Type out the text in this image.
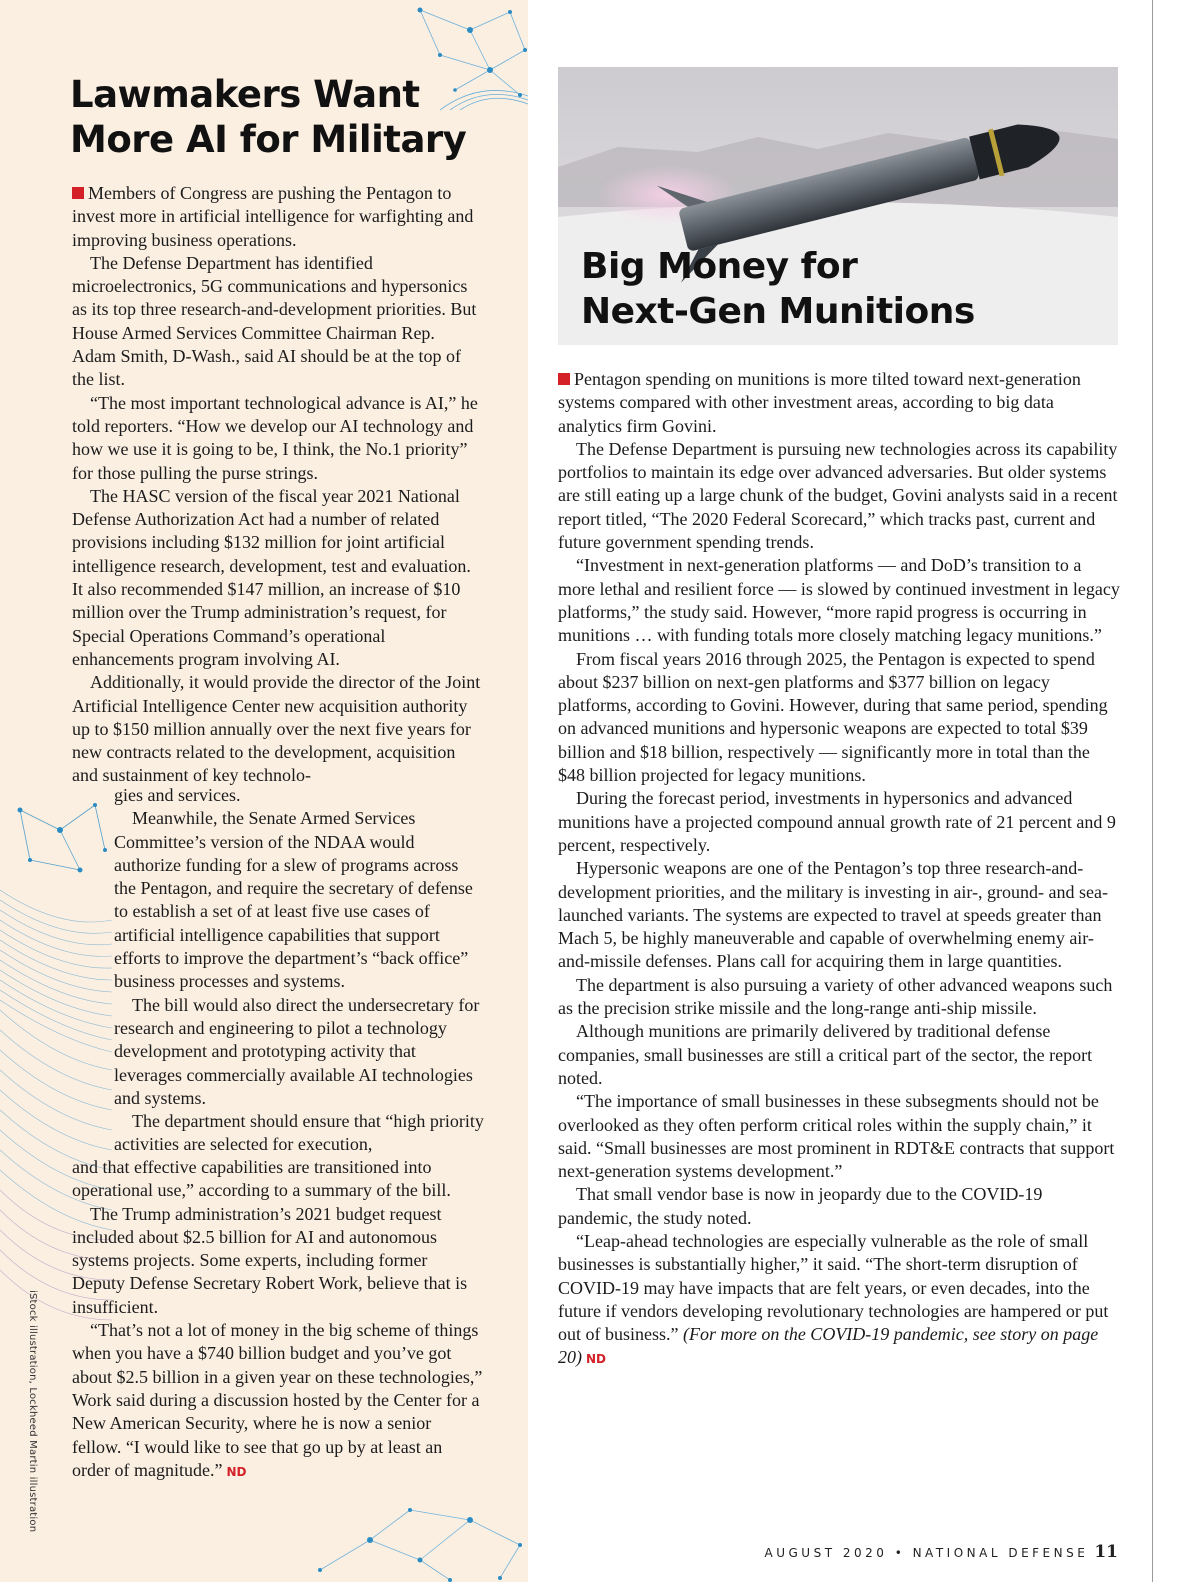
Lawmakers Want
More AI for Military

Members of Congress are pushing the Pentagon to invest more in artificial intelligence for warfighting and improving business operations.

The Defense Department has identified microelectronics, 5G communications and hypersonics as its top three research-and-development priorities. But House Armed Services Committee Chairman Rep. Adam Smith, D-Wash., said AI should be at the top of the list.

“The most important technological advance is AI,” he told reporters. “How we develop our AI technology and how we use it is going to be, I think, the No.1 priority” for those pulling the purse strings.

The HASC version of the fiscal year 2021 National Defense Authorization Act had a number of related provisions including $132 million for joint artificial intelligence research, development, test and evaluation. It also recommended $147 million, an increase of $10 million over the Trump administration’s request, for Special Operations Command’s operational enhancements program involving AI.

Additionally, it would provide the director of the Joint Artificial Intelligence Center new acquisition authority up to $150 million annually over the next five years for new contracts related to the development, acquisition and sustainment of key technolo-

gies and services.

Meanwhile, the Senate Armed Services Committee’s version of the NDAA would authorize funding for a slew of programs across the Pentagon, and require the secretary of defense to establish a set of at least five use cases of artificial intelligence capabilities that support efforts to improve the department’s “back office” business processes and systems.

The bill would also direct the undersecretary for research and engineering to pilot a technology development and prototyping activity that leverages commercially available AI technologies and systems.

The department should ensure that “high priority activities are selected for execution,

and that effective capabilities are transitioned into operational use,” according to a summary of the bill.

The Trump administration’s 2021 budget request included about $2.5 billion for AI and autonomous systems projects. Some experts, including former Deputy Defense Secretary Robert Work, believe that is insufficient.

“That’s not a lot of money in the big scheme of things when you have a $740 billion budget and you’ve got about $2.5 billion in a given year on these technologies,” Work said during a discussion hosted by the Center for a New American Security, where he is now a senior fellow. “I would like to see that go up by at least an order of magnitude.” ND

iStock illustration, Lockheed Martin illustration
Big Money for
Next-Gen Munitions

Pentagon spending on munitions is more tilted toward next-generation systems compared with other investment areas, according to big data analytics firm Govini.

The Defense Department is pursuing new technologies across its capability portfolios to maintain its edge over advanced adversaries. But older systems are still eating up a large chunk of the budget, Govini analysts said in a recent report titled, “The 2020 Federal Scorecard,” which tracks past, current and future government spending trends.

“Investment in next-generation platforms — and DoD’s transition to a more lethal and resilient force — is slowed by continued investment in legacy platforms,” the study said. However, “more rapid progress is occurring in munitions … with funding totals more closely matching legacy munitions.”

From fiscal years 2016 through 2025, the Pentagon is expected to spend about $237 billion on next-gen platforms and $377 billion on legacy platforms, according to Govini. However, during that same period, spending on advanced munitions and hypersonic weapons are expected to total $39 billion and $18 billion, respectively — significantly more in total than the $48 billion projected for legacy munitions.

During the forecast period, investments in hypersonics and advanced munitions have a projected compound annual growth rate of 21 percent and 9 percent, respectively.

Hypersonic weapons are one of the Pentagon’s top three research-and-development priorities, and the military is investing in air-, ground- and sea-launched variants. The systems are expected to travel at speeds greater than Mach 5, be highly maneuverable and capable of overwhelming enemy air-and-missile defenses. Plans call for acquiring them in large quantities.

The department is also pursuing a variety of other advanced weapons such as the precision strike missile and the long-range anti-ship missile.

Although munitions are primarily delivered by traditional defense companies, small businesses are still a critical part of the sector, the report noted.

“The importance of small businesses in these subsegments should not be overlooked as they often perform critical roles within the supply chain,” it said. “Small businesses are most prominent in RDT&E contracts that support next-generation systems development.”

That small vendor base is now in jeopardy due to the COVID-19 pandemic, the study noted.

“Leap-ahead technologies are especially vulnerable as the role of small businesses is substantially higher,” it said. “The short-term disruption of COVID-19 may have impacts that are felt years, or even decades, into the future if vendors developing revolutionary technologies are hampered or put out of business.” (For more on the COVID-19 pandemic, see story on page 20) ND

AUGUST 2020 • NATIONAL DEFENSE 11
